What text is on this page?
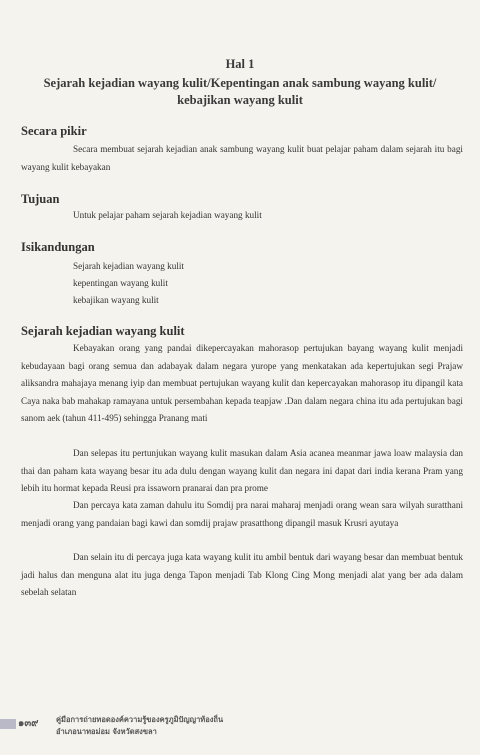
Hal 1
Sejarah kejadian wayang kulit/Kepentingan anak sambung wayang kulit/ kebajikan wayang kulit
Secara pikir
Secara membuat sejarah kejadian anak sambung wayang kulit buat pelajar paham dalam sejarah itu bagi wayang kulit kebayakan
Tujuan
Untuk pelajar paham sejarah kejadian wayang kulit
Isikandungan
Sejarah kejadian wayang kulit
kepentingan wayang kulit
kebajikan wayang kulit
Sejarah kejadian wayang kulit
Kebayakan orang yang pandai dikepercayakan mahorasop pertujukan bayang wayang kulit menjadi kebudayaan bagi orang semua dan adabayak dalam negara yurope yang menkatakan ada kepertujukan segi Prajaw aliksandra mahajaya menang iyip dan membuat pertujukan wayang kulit dan kepercayakan mahorasop itu dipangil kata Caya naka bab mahakap ramayana untuk persembahan kepada teapjaw .Dan dalam negara china itu ada pertujukan bagi sanom aek (tahun 411-495) sehingga Pranang mati
Dan selepas itu pertunjukan wayang kulit masukan dalam Asia acanea meanmar jawa loaw malaysia dan thai dan paham kata wayang besar itu ada dulu dengan wayang kulit dan negara ini dapat dari india kerana Pram yang lebih itu hormat kepada Reusi pra issaworn pranarai dan pra prome
Dan percaya kata zaman dahulu itu Somdij pra narai maharaj menjadi orang wean sara wilyah suratthani menjadi orang yang pandaian bagi kawi dan somdij prajaw prasatthong dipangil masuk Krusri ayutaya
Dan selain itu di percaya juga kata wayang kulit itu ambil bentuk dari wayang besar dan membuat bentuk jadi halus dan menguna alat itu juga denga Tapon menjadi Tab Klong Cing Mong menjadi alat yang ber ada dalam sebelah selatan
๑๓๙ คู่มือการถ่ายทอดองค์ความรู้ของครูภูมิปัญญาท้องถิ่น
อำเภอนาทอม่อม จังหวัดสงขลา
